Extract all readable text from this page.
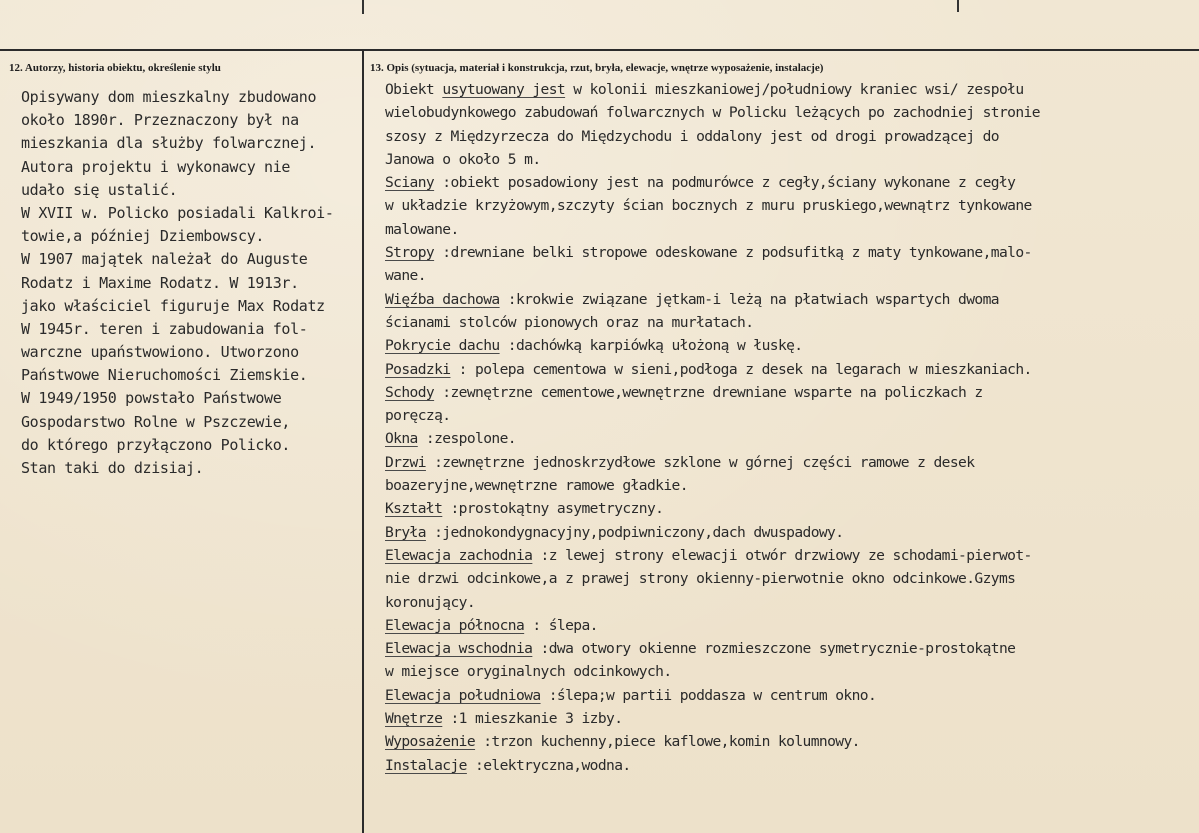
12. Autorzy, historia obiektu, określenie stylu	13. Opis (sytuacja, materiał i konstrukcja, rzut, bryła, elewacje, wnętrze wyposażenie, instalacje)
Opisywany dom mieszkalny zbudowano
około 1890r. Przeznaczony był na
mieszkania dla służby folwarcznej.
Autora projektu i wykonawcy nie
udało się ustalić.
W XVII w. Policko posiadali Kalkroi-
towie,a później Dziembowscy.
W 1907 majątek należał do Auguste
Rodatz i Maxime Rodatz. W 1913r.
jako właściciel figuruje Max Rodatz
W 1945r. teren i zabudowania fol-
warczne upaństwowiono. Utworzono
Państwowe Nieruchomości Ziemskie.
W 1949/1950 powstało Państwowe
Gospodarstwo Rolne w Pszczewie,
do którego przyłączono Policko.
Stan taki do dzisiaj.
Obiekt usytuowany jest w kolonii mieszkaniowej/południowy kraniec wsi/ zespołu
wielobudynkowego zabudowań folwarcznych w Policku leżących po zachodniej stronie
szosy z Międzyrzecza do Międzychodu i oddalony jest od drogi prowadzącej do
Janowa o około 5 m.
Sciany :obiekt posadowiony jest na podmurówce z cegły,ściany wykonane z cegły
w układzie krzyżowym,szczyty ścian bocznych z muru pruskiego,wewnątrz tynkowane
malowane.
Stropy :drewniane belki stropowe odeskowane z podsufitką z maty tynkowane,malo-
wane.
Więźba dachowa :krokwie związane jętkam-i leżą na płatwiach wspartych dwoma
ścianami stolców pionowych oraz na murłatach.
Pokrycie dachu :dachówką karpiówką ułożoną w łuskę.
Posadzki : polepa cementowa w sieni,podłoga z desek na legarach w mieszkaniach.
Schody :zewnętrzne cementowe,wewnętrzne drewniane wsparte na policzkach z
poręczą.
Okna :zespolone.
Drzwi :zewnętrzne jednoskrzydłowe szklone w górnej części ramowe z desek
boazeryjne,wewnętrzne ramowe gładkie.
Kształt :prostokątny asymetryczny.
Bryła :jednokondygnacyjny,podpiwniczony,dach dwuspadowy.
Elewacja zachodnia :z lewej strony elewacji otwór drzwiowy ze schodami-pierwot-
nie drzwi odcinkowe,a z prawej strony okienny-pierwotnie okno odcinkowe.Gzyms
koronujący.
Elewacja północna : ślepa.
Elewacja wschodnia :dwa otwory okienne rozmieszczone symetrycznie-prostokątne
w miejsce oryginalnych odcinkowych.
Elewacja południowa :ślepa;w partii poddasza w centrum okno.
Wnętrze :1 mieszkanie 3 izby.
Wyposażenie :trzon kuchenny,piece kaflowe,komin kolumnowy.
Instalacje :elektryczna,wodna.
